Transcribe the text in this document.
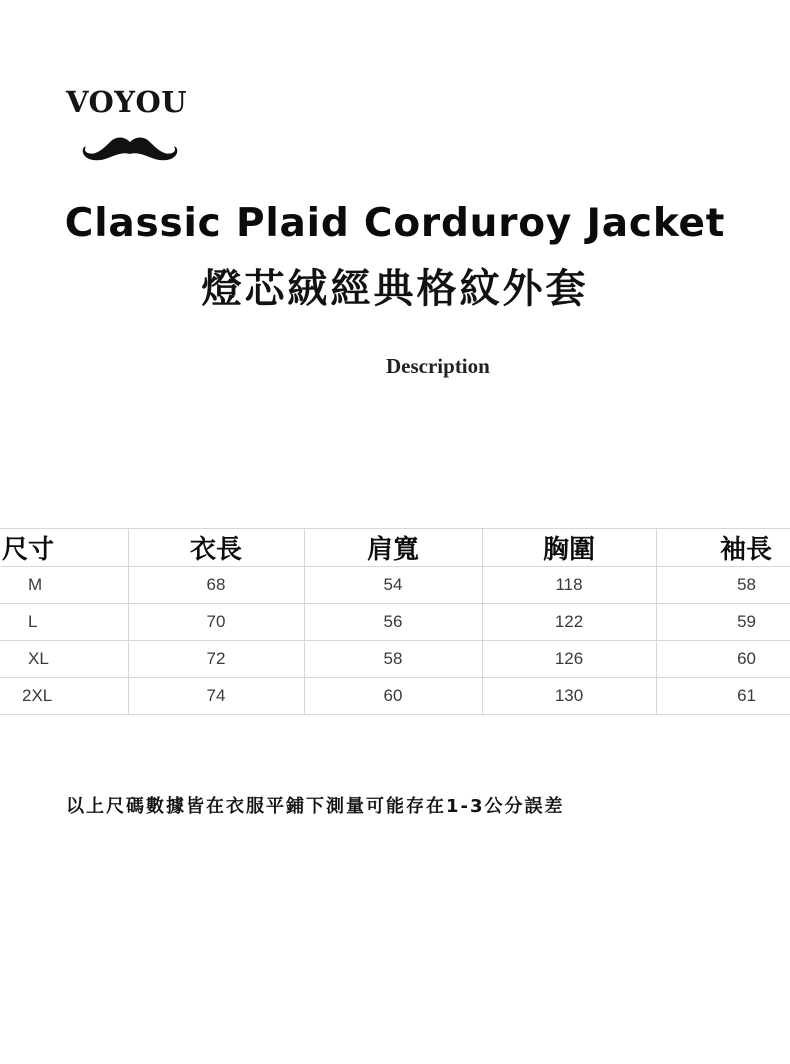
VOYOU
Classic Plaid Corduroy Jacket
燈芯絨經典格紋外套
Description
尺寸	衣長	肩寬	胸圍	袖長
M	68	54	118	58
L	70	56	122	59
XL	72	58	126	60
2XL	74	60	130	61
以上尺碼數據皆在衣服平鋪下測量可能存在1-3公分誤差
